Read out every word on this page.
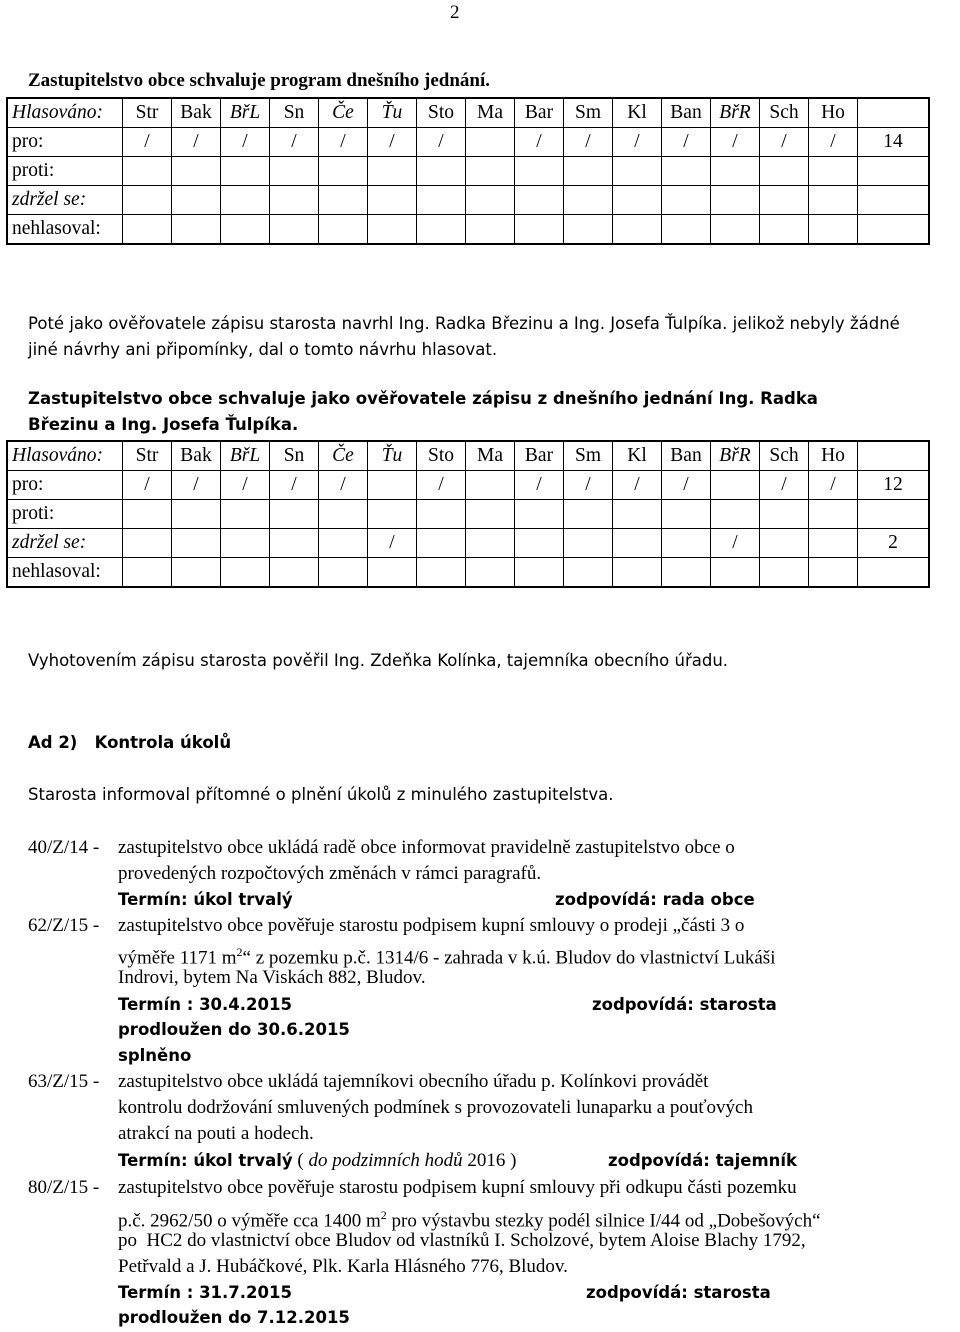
2
Zastupitelstvo obce schvaluje program dnešního jednání.
Hlasováno:	Str	Bak	BřL	Sn	Če	Ťu	Sto	Ma	Bar	Sm	Kl	Ban	BřR	Sch	Ho	
pro:	/	/	/	/	/	/	/		/	/	/	/	/	/	/	14
proti:																
zdržel se:																
nehlasoval:																
Poté jako ověřovatele zápisu starosta navrhl Ing. Radka Březinu a Ing. Josefa Ťulpíka. jelikož nebyly žádné jiné návrhy ani připomínky, dal o tomto návrhu hlasovat.
Zastupitelstvo obce schvaluje jako ověřovatele zápisu z dnešního jednání Ing. Radka Březinu a Ing. Josefa Ťulpíka.
Hlasováno:	Str	Bak	BřL	Sn	Če	Ťu	Sto	Ma	Bar	Sm	Kl	Ban	BřR	Sch	Ho	
pro:	/	/	/	/	/		/		/	/	/	/		/	/	12
proti:																
zdržel se:						/							/			2
nehlasoval:																
Vyhotovením zápisu starosta pověřil Ing. Zdeňka Kolínka, tajemníka obecního úřadu.
Ad 2)   Kontrola úkolů
Starosta informoval přítomné o plnění úkolů z minulého zastupitelstva.
40/Z/14 - zastupitelstvo obce ukládá radě obce informovat pravidelně zastupitelstvo obce o
provedených rozpočtových změnách v rámci paragrafů.
Termín: úkol trvalý	zodpovídá: rada obce
62/Z/15 - zastupitelstvo obce pověřuje starostu podpisem kupní smlouvy o prodeji „části 3 o
výměře 1171 $m^2“$ z pozemku p.č. 1314/6 - zahrada v k.ú. Bludov do vlastnictví Lukáši
Indrovi, bytem Na Viskách 882, Bludov.
Termín : 30.4.2015	zodpovídá: starosta
prodloužen do 30.6.2015
splněno
63/Z/15 - zastupitelstvo obce ukládá tajemníkovi obecního úřadu p. Kolínkovi provádět
kontrolu dodržování smluvených podmínek s provozovateli lunaparku a pouťových
atrakcí na pouti a hodech.
Termín: úkol trvalý ( do podzimních hodů 2016 )	zodpovídá: tajemník
80/Z/15 - zastupitelstvo obce pověřuje starostu podpisem kupní smlouvy při odkupu části pozemku
p.č. 2962/50 o výměře cca 1400 $m^2$ pro výstavbu stezky podél silnice I/44 od „Dobešových“
po  HC2 do vlastnictví obce Bludov od vlastníků I. Scholzové, bytem Aloise Blachy 1792,
Petřvald a J. Hubáčkové, Plk. Karla Hlásného 776, Bludov.
Termín : 31.7.2015	zodpovídá: starosta
prodloužen do 7.12.2015
